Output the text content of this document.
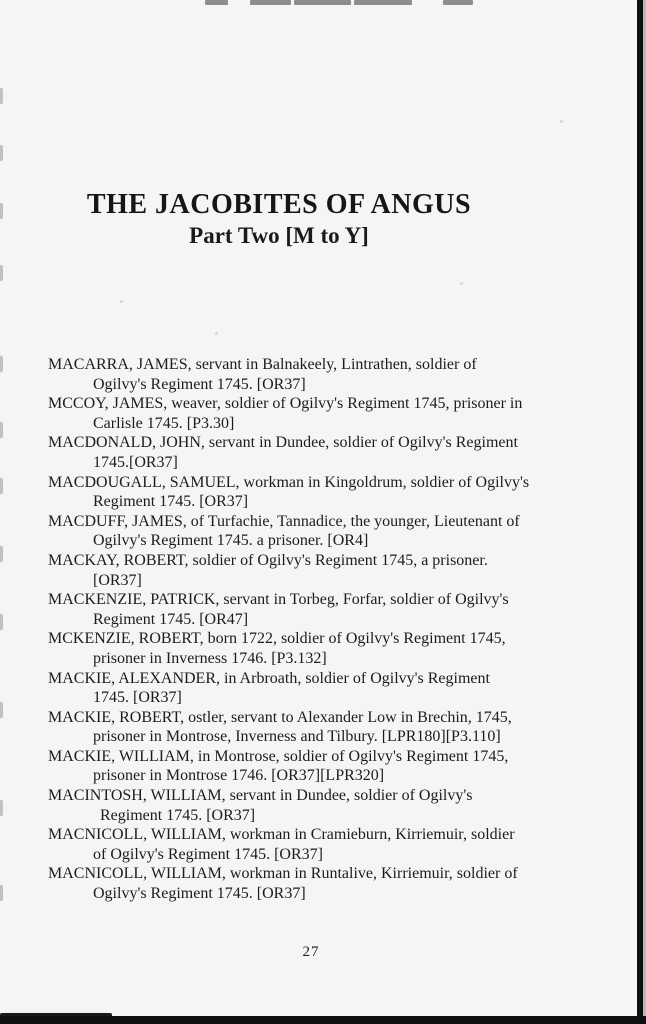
THE JACOBITES OF ANGUS
Part Two [M to Y]

MACARRA, JAMES, servant in Balnakeely, Lintrathen, soldier of
Ogilvy's Regiment 1745. [OR37]

MCCOY, JAMES, weaver, soldier of Ogilvy's Regiment 1745, prisoner in
Carlisle 1745. [P3.30]

MACDONALD, JOHN, servant in Dundee, soldier of Ogilvy's Regiment
1745.[OR37]

MACDOUGALL, SAMUEL, workman in Kingoldrum, soldier of Ogilvy's
Regiment 1745. [OR37]

MACDUFF, JAMES, of Turfachie, Tannadice, the younger, Lieutenant of
Ogilvy's Regiment 1745. a prisoner. [OR4]

MACKAY, ROBERT, soldier of Ogilvy's Regiment 1745, a prisoner.
[OR37]

MACKENZIE, PATRICK, servant in Torbeg, Forfar, soldier of Ogilvy's
Regiment 1745. [OR47]

MCKENZIE, ROBERT, born 1722, soldier of Ogilvy's Regiment 1745,
prisoner in Inverness 1746. [P3.132]

MACKIE, ALEXANDER, in Arbroath, soldier of Ogilvy's Regiment
1745. [OR37]

MACKIE, ROBERT, ostler, servant to Alexander Low in Brechin, 1745,
prisoner in Montrose, Inverness and Tilbury. [LPR180][P3.110]

MACKIE, WILLIAM, in Montrose, soldier of Ogilvy's Regiment 1745,
prisoner in Montrose 1746. [OR37][LPR320]

MACINTOSH, WILLIAM, servant in Dundee, soldier of Ogilvy's
Regiment 1745. [OR37]

MACNICOLL, WILLIAM, workman in Cramieburn, Kirriemuir, soldier
of Ogilvy's Regiment 1745. [OR37]

MACNICOLL, WILLIAM, workman in Runtalive, Kirriemuir, soldier of
Ogilvy's Regiment 1745. [OR37]

27
